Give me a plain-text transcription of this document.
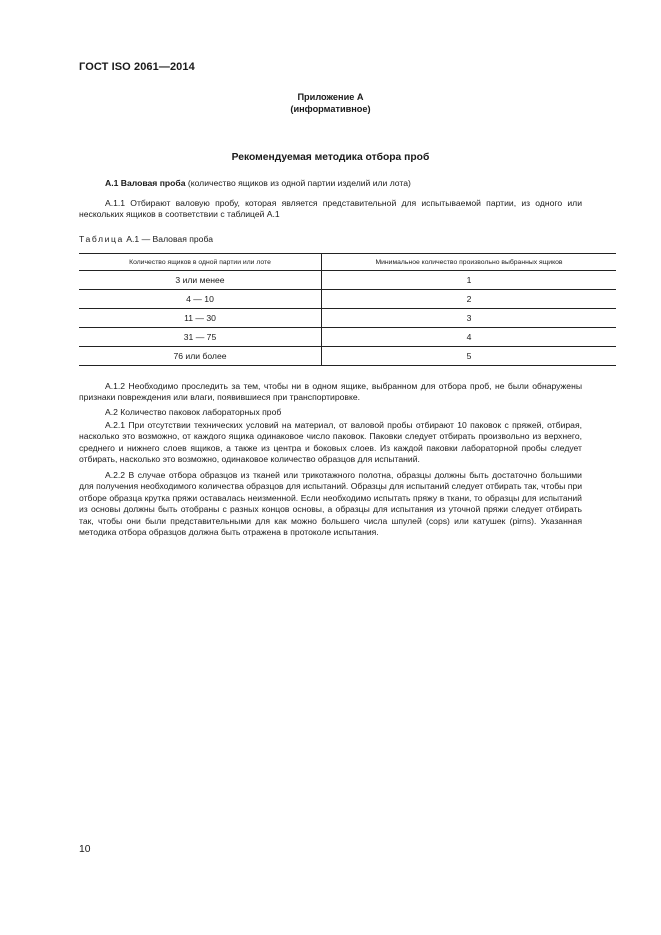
ГОСТ ISO 2061—2014
Приложение А
(информативное)
Рекомендуемая методика отбора проб
А.1 Валовая проба (количество ящиков из одной партии изделий или лота)
А.1.1 Отбирают валовую пробу, которая является представительной для испытываемой партии, из одного или нескольких ящиков в соответствии с таблицей А.1
Таблица А.1 — Валовая проба
Количество ящиков в одной партии или лоте	Минимальное количество произвольно выбранных ящиков
3 или менее	1
4 — 10	2
11 — 30	3
31 — 75	4
76 или более	5
А.1.2 Необходимо проследить за тем, чтобы ни в одном ящике, выбранном для отбора проб, не были обнаружены признаки повреждения или влаги, появившиеся при транспортировке.
А.2 Количество паковок лабораторных проб
А.2.1 При отсутствии технических условий на материал, от валовой пробы отбирают 10 паковок с пряжей, отбирая, насколько это возможно, от каждого ящика одинаковое число паковок. Паковки следует отбирать произвольно из верхнего, среднего и нижнего слоев ящиков, а также из центра и боковых слоев. Из каждой паковки лабораторной пробы следует отбирать, насколько это возможно, одинаковое количество образцов для испытаний.
А.2.2 В случае отбора образцов из тканей или трикотажного полотна, образцы должны быть достаточно большими для получения необходимого количества образцов для испытаний. Образцы для испытаний следует отбирать так, чтобы при отборе образца крутка пряжи оставалась неизменной. Если необходимо испытать пряжу в ткани, то образцы для испытаний из основы должны быть отобраны с разных концов основы, а образцы для испытания из уточной пряжи следует отбирать так, чтобы они были представительными для как можно большего числа шпулей (cops) или катушек (pirns). Указанная методика отбора образцов должна быть отражена в протоколе испытания.
10
